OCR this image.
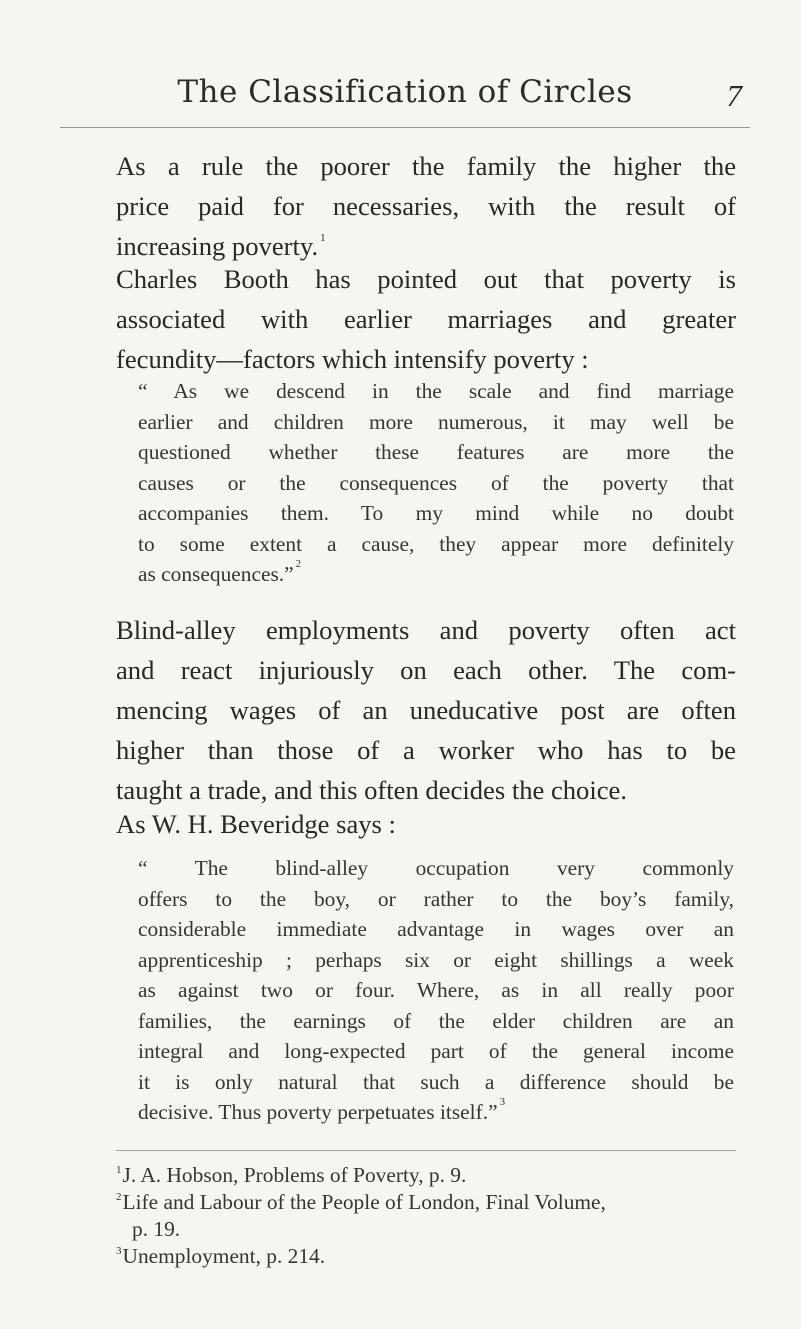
The Classification of Circles	7

As a rule the poorer the family the higher the
price paid for necessaries, with the result of
increasing poverty. $^1$

Charles Booth has pointed out that poverty is
associated with earlier marriages and greater
fecundity—factors which intensify poverty :

“ As we descend in the scale and find marriage
earlier and children more numerous, it may well be
questioned whether these features are more the
causes or the consequences of the poverty that
accompanies them. To my mind while no doubt
to some extent a cause, they appear more definitely
as consequences.” $^2$

Blind-alley employments and poverty often act
and react injuriously on each other. The com-
mencing wages of an uneducative post are often
higher than those of a worker who has to be
taught a trade, and this often decides the choice.

As W. H. Beveridge says :

“ The blind-alley occupation very commonly
offers to the boy, or rather to the boy’s family,
considerable immediate advantage in wages over an
apprenticeship ; perhaps six or eight shillings a week
as against two or four. Where, as in all really poor
families, the earnings of the elder children are an
integral and long-expected part of the general income
it is only natural that such a difference should be
decisive. Thus poverty perpetuates itself.” $^3$
$^1$J. A. Hobson, Problems of Poverty, p. 9.
$^2$Life and Labour of the People of London, Final Volume,
p. 19.
$^3$Unemployment, p. 214.
